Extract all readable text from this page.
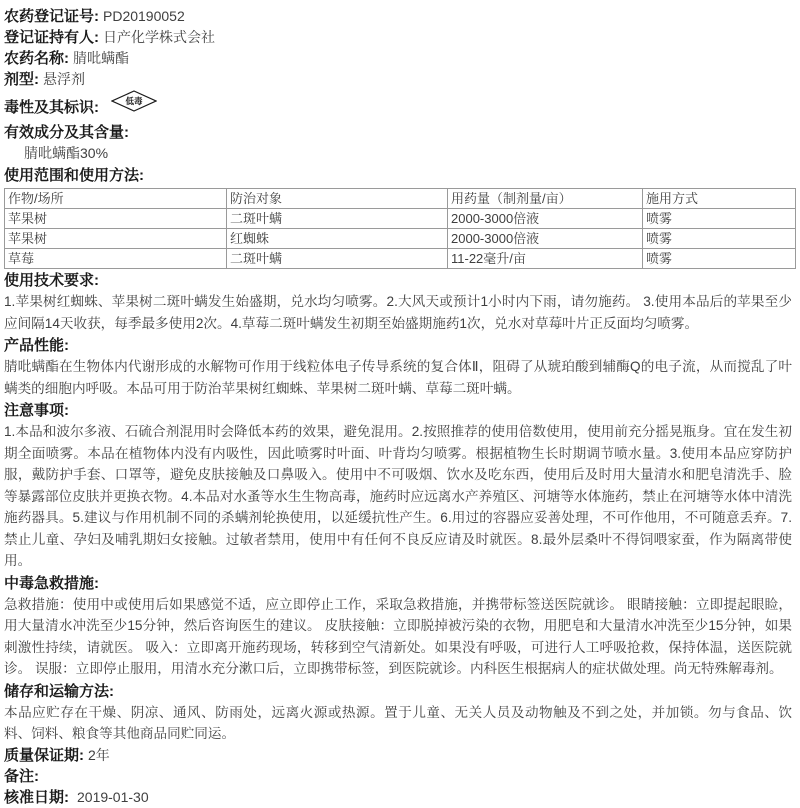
农药登记证号: PD20190052
登记证持有人: 日产化学株式会社
农药名称: 腈吡螨酯
剂型: 悬浮剂
毒性及其标识:	低毒
有效成分及其含量:
腈吡螨酯30%
使用范围和使用方法:
作物/场所	防治对象	用药量（制剂量/亩）	施用方式
苹果树	二斑叶螨	2000-3000倍液	喷雾
苹果树	红蜘蛛	2000-3000倍液	喷雾
草莓	二斑叶螨	11-22毫升/亩	喷雾
使用技术要求:
1.苹果树红蜘蛛、苹果树二斑叶螨发生始盛期，兑水均匀喷雾。2.大风天或预计1小时内下雨，请勿施药。 3.使用本品后的苹果至少应间隔14天收获，每季最多使用2次。4.草莓二斑叶螨发生初期至始盛期施药1次，兑水对草莓叶片正反面均匀喷雾。
产品性能:
腈吡螨酯在生物体内代谢形成的水解物可作用于线粒体电子传导系统的复合体Ⅱ，阻碍了从琥珀酸到辅酶Q的电子流，从而搅乱了叶螨类的细胞内呼吸。本品可用于防治苹果树红蜘蛛、苹果树二斑叶螨、草莓二斑叶螨。
注意事项:
1.本品和波尔多液、石硫合剂混用时会降低本药的效果，避免混用。2.按照推荐的使用倍数使用，使用前充分摇晃瓶身。宜在发生初期全面喷雾。本品在植物体内没有内吸性，因此喷雾时叶面、叶背均匀喷雾。根据植物生长时期调节喷水量。3.使用本品应穿防护服，戴防护手套、口罩等，避免皮肤接触及口鼻吸入。使用中不可吸烟、饮水及吃东西，使用后及时用大量清水和肥皂清洗手、脸等暴露部位皮肤并更换衣物。4.本品对水蚤等水生生物高毒，施药时应远离水产养殖区、河塘等水体施药，禁止在河塘等水体中清洗施药器具。5.建议与作用机制不同的杀螨剂轮换使用，以延缓抗性产生。6.用过的容器应妥善处理，不可作他用，不可随意丢弃。7.禁止儿童、孕妇及哺乳期妇女接触。过敏者禁用，使用中有任何不良反应请及时就医。8.最外层桑叶不得饲喂家蚕，作为隔离带使用。
中毒急救措施:
急救措施：使用中或使用后如果感觉不适，应立即停止工作，采取急救措施，并携带标签送医院就诊。 眼睛接触：立即提起眼睑，用大量清水冲洗至少15分钟，然后咨询医生的建议。 皮肤接触：立即脱掉被污染的衣物，用肥皂和大量清水冲洗至少15分钟，如果刺激性持续，请就医。 吸入：立即离开施药现场，转移到空气清新处。如果没有呼吸，可进行人工呼吸抢救，保持体温，送医院就诊。 误服：立即停止服用，用清水充分漱口后，立即携带标签，到医院就诊。内科医生根据病人的症状做处理。尚无特殊解毒剂。
储存和运输方法:
本品应贮存在干燥、阴凉、通风、防雨处，远离火源或热源。置于儿童、无关人员及动物触及不到之处，并加锁。勿与食品、饮料、饲料、粮食等其他商品同贮同运。
质量保证期: 2年
备注:
核准日期: 2019-01-30
